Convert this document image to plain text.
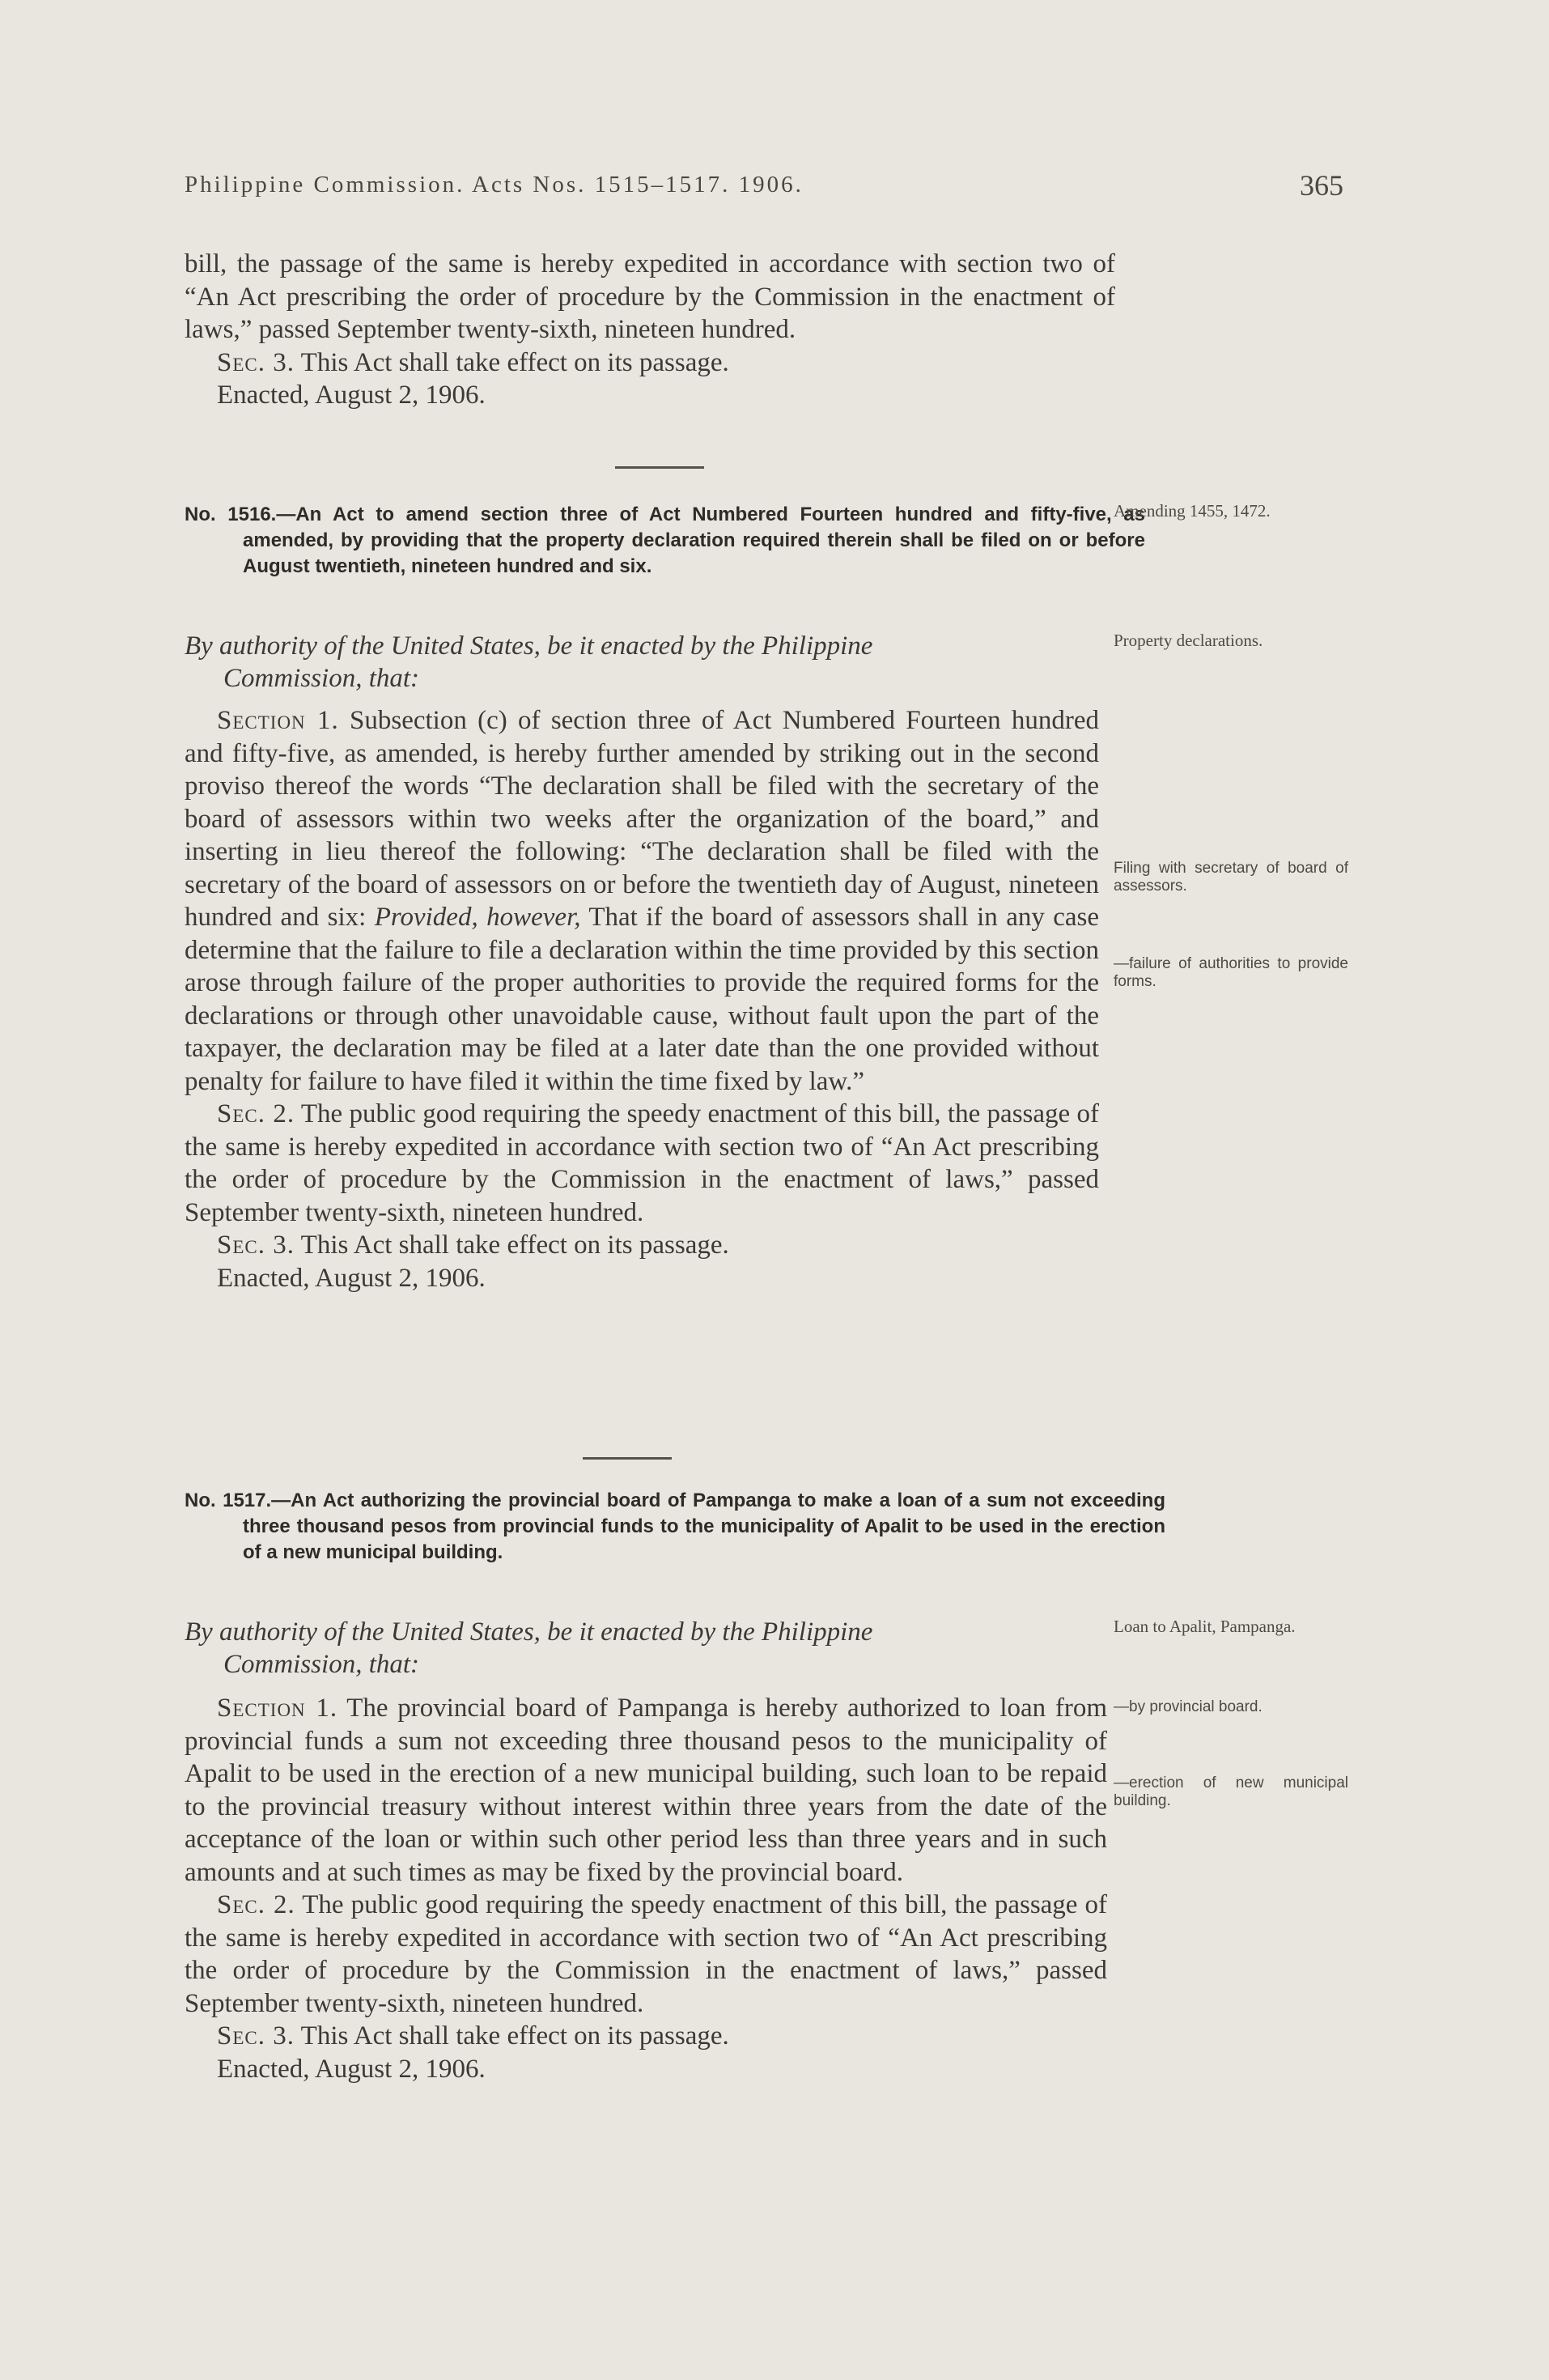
Philippine Commission. Acts Nos. 1515–1517. 1906.	365

bill, the passage of the same is hereby expedited in accordance with section two of “An Act prescribing the order of procedure by the Commission in the enactment of laws,” passed September twenty-sixth, nineteen hundred.

Sec. 3. This Act shall take effect on its passage.

Enacted, August 2, 1906.

No. 1516.—An Act to amend section three of Act Numbered Fourteen hundred and fifty-five, as amended, by providing that the property declaration required therein shall be filed on or before August twentieth, nineteen hundred and six.
Amending 1455, 1472.
By authority of the United States, be it enacted by the Philippine
Commission, that:
Property declarations.

Section 1. Subsection (c) of section three of Act Numbered Fourteen hundred and fifty-five, as amended, is hereby further amended by striking out in the second proviso thereof the words “The declaration shall be filed with the secretary of the board of assessors within two weeks after the organization of the board,” and inserting in lieu thereof the following: “The declaration shall be filed with the secretary of the board of assessors on or before the twentieth day of August, nineteen hundred and six: Provided, however, That if the board of assessors shall in any case determine that the failure to file a declaration within the time provided by this section arose through failure of the proper authorities to provide the required forms for the declarations or through other unavoidable cause, without fault upon the part of the taxpayer, the declaration may be filed at a later date than the one provided without penalty for failure to have filed it within the time fixed by law.”

Sec. 2. The public good requiring the speedy enactment of this bill, the passage of the same is hereby expedited in accordance with section two of “An Act prescribing the order of procedure by the Commission in the enactment of laws,” passed September twenty-sixth, nineteen hundred.

Sec. 3. This Act shall take effect on its passage.

Enacted, August 2, 1906.

Filing with secretary of board of assessors.
—failure of authorities to provide forms.
No. 1517.—An Act authorizing the provincial board of Pampanga to make a loan of a sum not exceeding three thousand pesos from provincial funds to the municipality of Apalit to be used in the erection of a new municipal building.
By authority of the United States, be it enacted by the Philippine
Commission, that:
Loan to Apalit, Pampanga.

Section 1. The provincial board of Pampanga is hereby authorized to loan from provincial funds a sum not exceeding three thousand pesos to the municipality of Apalit to be used in the erection of a new municipal building, such loan to be repaid to the provincial treasury without interest within three years from the date of the acceptance of the loan or within such other period less than three years and in such amounts and at such times as may be fixed by the provincial board.

Sec. 2. The public good requiring the speedy enactment of this bill, the passage of the same is hereby expedited in accordance with section two of “An Act prescribing the order of procedure by the Commission in the enactment of laws,” passed September twenty-sixth, nineteen hundred.

Sec. 3. This Act shall take effect on its passage.

Enacted, August 2, 1906.

—by provincial board.
—erection of new municipal building.
